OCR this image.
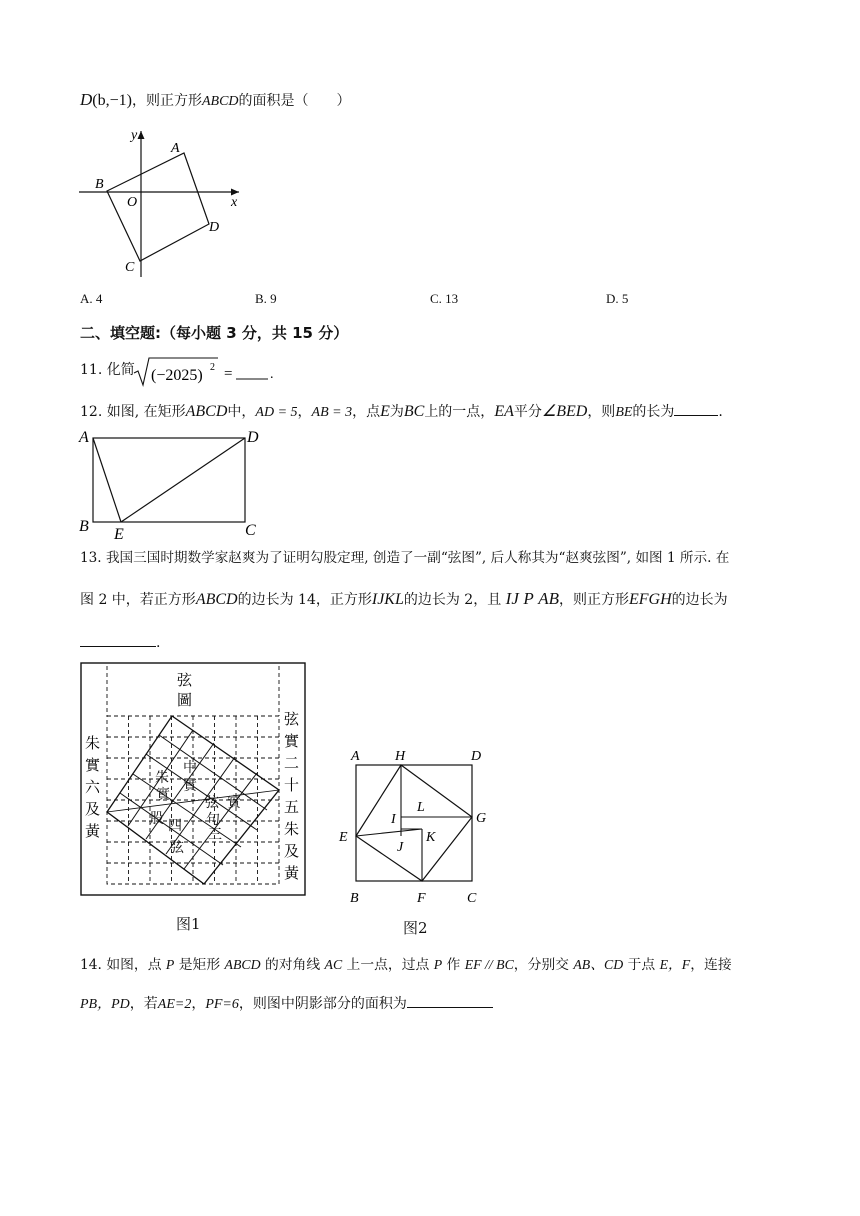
D(b,−1)，则正方形ABCD的面积是（　　）
y
x
O
A
B
C
D
A. 4	B. 9	C. 13	D. 5
二、填空题:（每小题 3 分，共 15 分）
11. 化简 (−2025) 2 =	.
12. 如图, 在矩形ABCD中，AD = 5，AB = 3，点E为BC上的一点，EA平分∠BED，则BE的长为	.
A	D
B E	C
13. 我国三国时期数学家赵爽为了证明勾股定理, 创造了一副“弦图”, 后人称其为“赵爽弦图”, 如图 1 所示. 在
图 2 中，若正方形ABCD的边长为 14，正方形IJKL的边长为 2，且 IJ P AB，则正方形EFGH的边长为
.
朱
實
中
實
弦 實
句
三
股 四
弦
弦
圖
朱
實
六
及
黃
弦
實
二
十
五
朱
及
黃
图1
A	H	D
I
L
G
E
J
K
B	F	C
图2
14. 如图，点 P 是矩形 ABCD 的对角线 AC 上一点，过点 P 作 EF // BC，分别交 AB、CD 于点 E，F，连接
PB，PD，若AE=2，PF=6，则图中阴影部分的面积为
